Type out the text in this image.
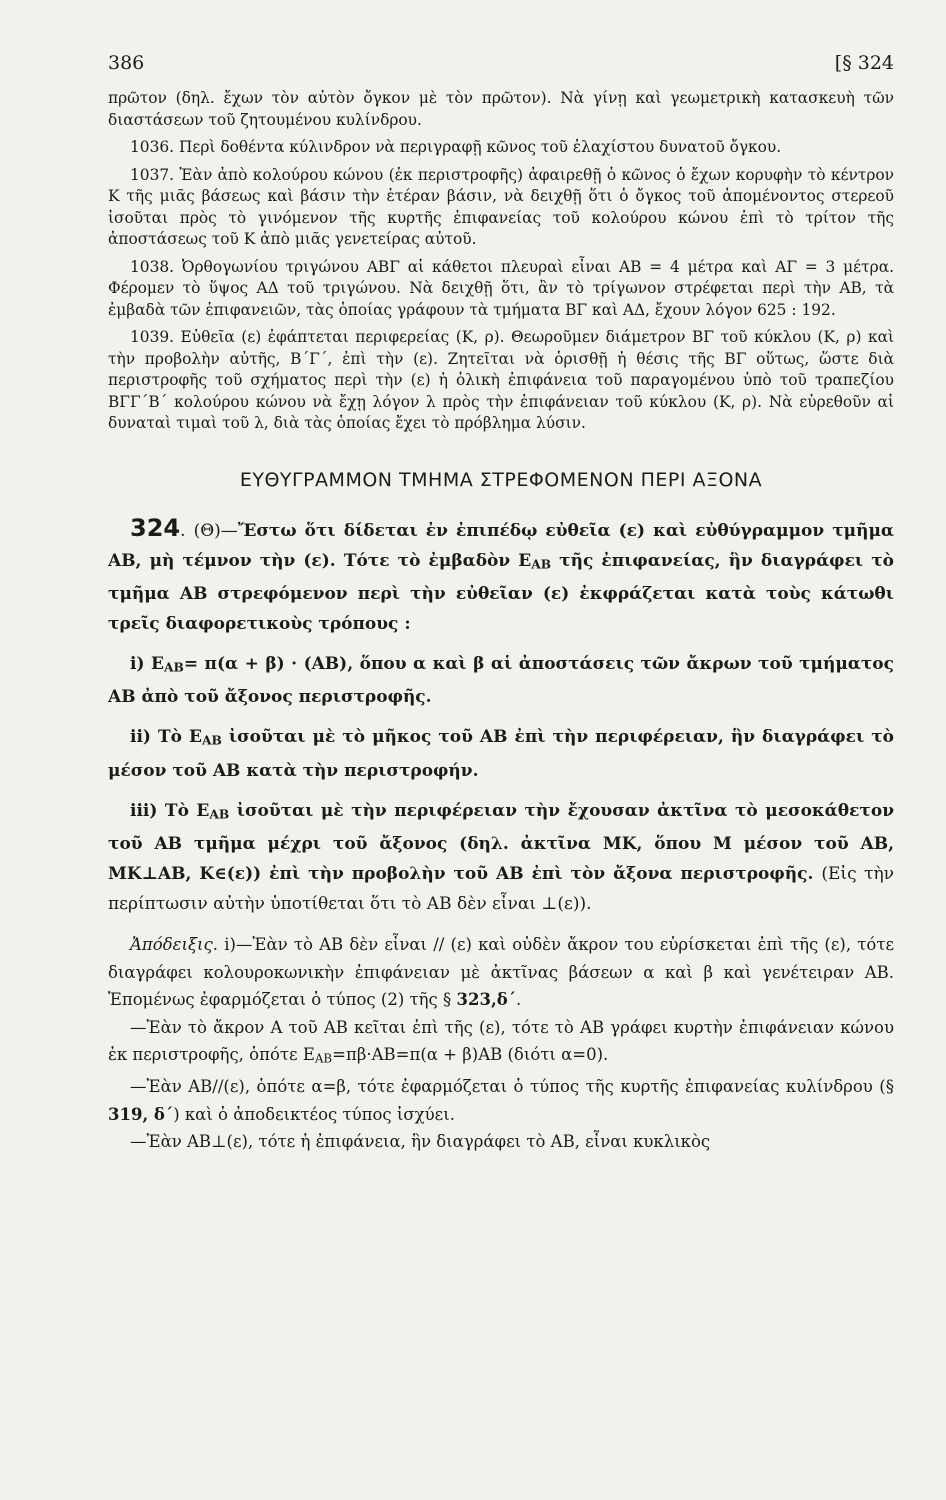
386	[§ 324

πρῶτον (δηλ. ἔχων τὸν αὐτὸν ὄγκον μὲ τὸν πρῶτον). Νὰ γίνῃ καὶ γεωμετρικὴ κατασκευὴ τῶν διαστάσεων τοῦ ζητουμένου κυλίνδρου.

1036. Περὶ δοθέντα κύλινδρον νὰ περιγραφῇ κῶνος τοῦ ἐλαχίστου δυνατοῦ ὄγκου.

1037. Ἐὰν ἀπὸ κολούρου κώνου (ἐκ περιστροφῆς) ἀφαιρεθῇ ὁ κῶνος ὁ ἔχων κορυφὴν τὸ κέντρον Κ τῆς μιᾶς βάσεως καὶ βάσιν τὴν ἑτέραν βάσιν, νὰ δειχθῇ ὅτι ὁ ὄγκος τοῦ ἀπομένοντος στερεοῦ ἰσοῦται πρὸς τὸ γινόμενον τῆς κυρτῆς ἐπιφανείας τοῦ κολούρου κώνου ἐπὶ τὸ τρίτον τῆς ἀποστάσεως τοῦ Κ ἀπὸ μιᾶς γενετείρας αὐτοῦ.

1038. Ὀρθογωνίου τριγώνου ΑΒΓ αἱ κάθετοι πλευραὶ εἶναι ΑΒ = 4 μέτρα καὶ ΑΓ = 3 μέτρα. Φέρομεν τὸ ὕψος ΑΔ τοῦ τριγώνου. Νὰ δειχθῇ ὅτι, ἂν τὸ τρίγωνον στρέφεται περὶ τὴν ΑΒ, τὰ ἐμβαδὰ τῶν ἐπιφανειῶν, τὰς ὁποίας γράφουν τὰ τμήματα ΒΓ καὶ ΑΔ, ἔχουν λόγον 625 : 192.

1039. Εὐθεῖα (ε) ἐφάπτεται περιφερείας (Κ, ρ). Θεωροῦμεν διάμετρον ΒΓ τοῦ κύκλου (Κ, ρ) καὶ τὴν προβολὴν αὐτῆς, Β΄Γ΄, ἐπὶ τὴν (ε). Ζητεῖται νὰ ὁρισθῇ ἡ θέσις τῆς ΒΓ οὕτως, ὥστε διὰ περιστροφῆς τοῦ σχήματος περὶ τὴν (ε) ἡ ὁλικὴ ἐπιφάνεια τοῦ παραγομένου ὑπὸ τοῦ τραπεζίου ΒΓΓ΄Β΄ κολούρου κώνου νὰ ἔχῃ λόγον λ πρὸς τὴν ἐπιφάνειαν τοῦ κύκλου (Κ, ρ). Νὰ εὑρεθοῦν αἱ δυναταὶ τιμαὶ τοῦ λ, διὰ τὰς ὁποίας ἔχει τὸ πρόβλημα λύσιν.

ΕΥΘΥΓΡΑΜΜΟΝ ΤΜΗΜΑ ΣΤΡΕΦΟΜΕΝΟΝ ΠΕΡΙ ΑΞΟΝΑ

324. (Θ)—Ἔστω ὅτι δίδεται ἐν ἐπιπέδῳ εὐθεῖα (ε) καὶ εὐθύγραμμον τμῆμα ΑΒ, μὴ τέμνον τὴν (ε). Τότε τὸ ἐμβαδὸν ΕΑΒ τῆς ἐπιφανείας, ἣν διαγράφει τὸ τμῆμα ΑΒ στρεφόμενον περὶ τὴν εὐθεῖαν (ε) ἐκφράζεται κατὰ τοὺς κάτωθι τρεῖς διαφορετικοὺς τρόπους :

i) ΕΑΒ= π(α + β) · (ΑΒ), ὅπου α καὶ β αἱ ἀποστάσεις τῶν ἄκρων τοῦ τμήματος ΑΒ ἀπὸ τοῦ ἄξονος περιστροφῆς.

ii) Τὸ ΕΑΒ ἰσοῦται μὲ τὸ μῆκος τοῦ ΑΒ ἐπὶ τὴν περιφέρειαν, ἣν διαγράφει τὸ μέσον τοῦ ΑΒ κατὰ τὴν περιστροφήν.

iii) Τὸ ΕΑΒ ἰσοῦται μὲ τὴν περιφέρειαν τὴν ἔχουσαν ἀκτῖνα τὸ μεσοκάθετον τοῦ ΑΒ τμῆμα μέχρι τοῦ ἄξονος (δηλ. ἀκτῖνα ΜΚ, ὅπου Μ μέσον τοῦ ΑΒ, ΜΚ⊥ΑΒ, Κ∈(ε)) ἐπὶ τὴν προβολὴν τοῦ ΑΒ ἐπὶ τὸν ἄξονα περιστροφῆς. (Εἰς τὴν περίπτωσιν αὐτὴν ὑποτίθεται ὅτι τὸ ΑΒ δὲν εἶναι ⊥(ε)).

Ἀπόδειξις. i)—Ἐὰν τὸ ΑΒ δὲν εἶναι // (ε) καὶ οὐδὲν ἄκρον του εὑρίσκεται ἐπὶ τῆς (ε), τότε διαγράφει κολουροκωνικὴν ἐπιφάνειαν μὲ ἀκτῖνας βάσεων α καὶ β καὶ γενέτειραν ΑΒ. Ἑπομένως ἐφαρμόζεται ὁ τύπος (2) τῆς § 323,δ΄.

—Ἐὰν τὸ ἄκρον Α τοῦ ΑΒ κεῖται ἐπὶ τῆς (ε), τότε τὸ ΑΒ γράφει κυρτὴν ἐπιφάνειαν κώνου ἐκ περιστροφῆς, ὁπότε ΕΑΒ=πβ·ΑΒ=π(α + β)ΑΒ (διότι α=0).

—Ἐὰν ΑΒ//(ε), ὁπότε α=β, τότε ἐφαρμόζεται ὁ τύπος τῆς κυρτῆς ἐπιφανείας κυλίνδρου (§ 319, δ΄) καὶ ὁ ἀποδεικτέος τύπος ἰσχύει.

—Ἐὰν ΑΒ⊥(ε), τότε ἡ ἐπιφάνεια, ἣν διαγράφει τὸ ΑΒ, εἶναι κυκλικὸς
